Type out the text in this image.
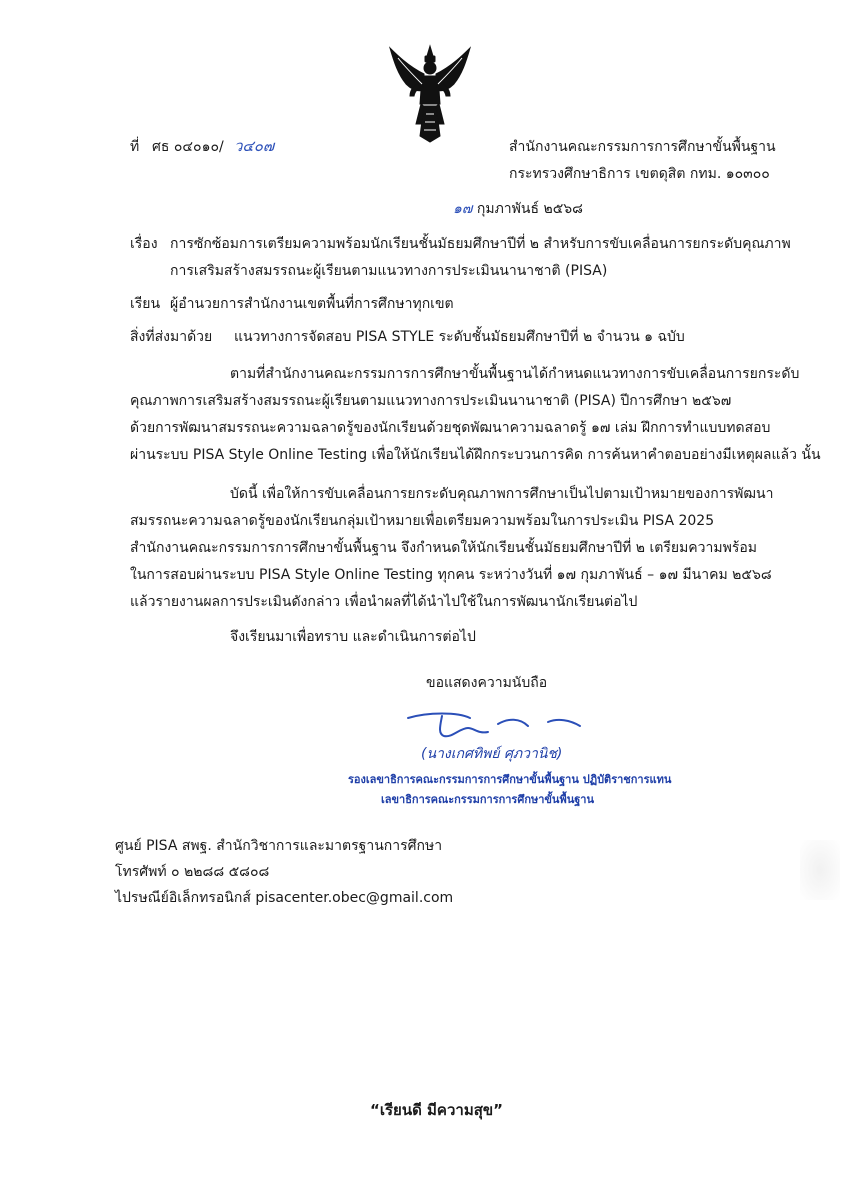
ที่ ศธ ๐๔๐๑๐/ ว๔๐๗	สำนักงานคณะกรรมการการศึกษาขั้นพื้นฐาน
กระทรวงศึกษาธิการ เขตดุสิต กทม. ๑๐๓๐๐
๑๗ กุมภาพันธ์ ๒๕๖๘
เรื่อง การซักซ้อมการเตรียมความพร้อมนักเรียนชั้นมัธยมศึกษาปีที่ ๒ สำหรับการขับเคลื่อนการยกระดับคุณภาพ
การเสริมสร้างสมรรถนะผู้เรียนตามแนวทางการประเมินนานาชาติ (PISA)
เรียน ผู้อำนวยการสำนักงานเขตพื้นที่การศึกษาทุกเขต
สิ่งที่ส่งมาด้วย แนวทางการจัดสอบ PISA STYLE ระดับชั้นมัธยมศึกษาปีที่ ๒ จำนวน ๑ ฉบับ
ตามที่สำนักงานคณะกรรมการการศึกษาขั้นพื้นฐานได้กำหนดแนวทางการขับเคลื่อนการยกระดับ
คุณภาพการเสริมสร้างสมรรถนะผู้เรียนตามแนวทางการประเมินนานาชาติ (PISA) ปีการศึกษา ๒๕๖๗
ด้วยการพัฒนาสมรรถนะความฉลาดรู้ของนักเรียนด้วยชุดพัฒนาความฉลาดรู้ ๑๗ เล่ม ฝึกการทำแบบทดสอบ
ผ่านระบบ PISA Style Online Testing เพื่อให้นักเรียนได้ฝึกกระบวนการคิด การค้นหาคำตอบอย่างมีเหตุผลแล้ว นั้น
บัดนี้ เพื่อให้การขับเคลื่อนการยกระดับคุณภาพการศึกษาเป็นไปตามเป้าหมายของการพัฒนา
สมรรถนะความฉลาดรู้ของนักเรียนกลุ่มเป้าหมายเพื่อเตรียมความพร้อมในการประเมิน PISA 2025
สำนักงานคณะกรรมการการศึกษาขั้นพื้นฐาน จึงกำหนดให้นักเรียนชั้นมัธยมศึกษาปีที่ ๒ เตรียมความพร้อม
ในการสอบผ่านระบบ PISA Style Online Testing ทุกคน ระหว่างวันที่ ๑๗ กุมภาพันธ์ – ๑๗ มีนาคม ๒๕๖๘
แล้วรายงานผลการประเมินดังกล่าว เพื่อนำผลที่ได้นำไปใช้ในการพัฒนานักเรียนต่อไป
จึงเรียนมาเพื่อทราบ และดำเนินการต่อไป
ขอแสดงความนับถือ
(นางเกศทิพย์ ศุภวานิช)
รองเลขาธิการคณะกรรมการการศึกษาขั้นพื้นฐาน ปฏิบัติราชการแทน
เลขาธิการคณะกรรมการการศึกษาขั้นพื้นฐาน
ศูนย์ PISA สพฐ. สำนักวิชาการและมาตรฐานการศึกษา
โทรศัพท์ ๐ ๒๒๘๘ ๕๘๐๘
ไปรษณีย์อิเล็กทรอนิกส์ pisacenter.obec@gmail.com
“เรียนดี มีความสุข”
